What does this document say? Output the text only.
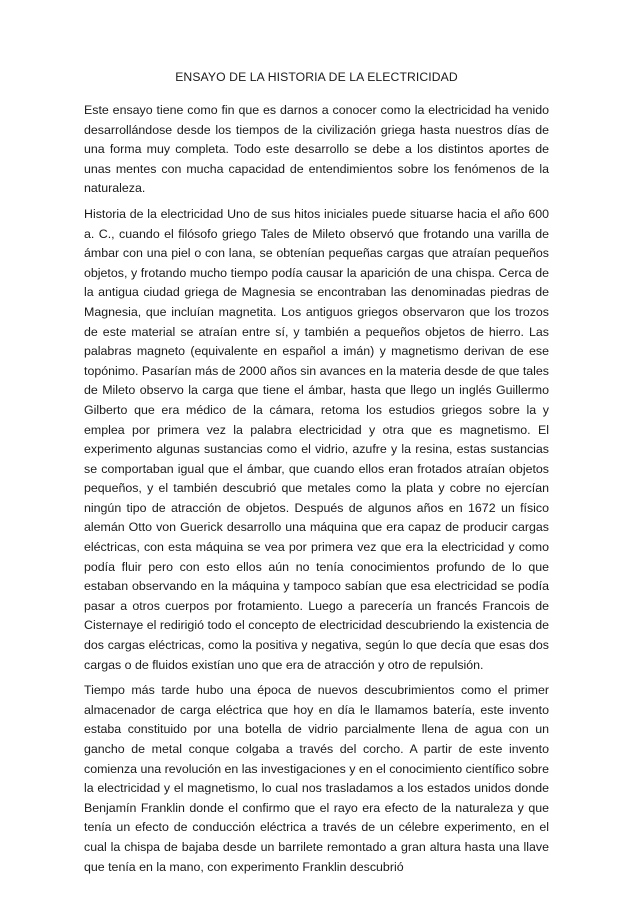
ENSAYO DE LA HISTORIA DE LA ELECTRICIDAD

Este ensayo tiene como fin que es darnos a conocer como la electricidad ha venido desarrollándose desde los tiempos de la civilización griega hasta nuestros días de una forma muy completa. Todo este desarrollo se debe a los distintos aportes de unas mentes con mucha capacidad de entendimientos sobre los fenómenos de la naturaleza.

Historia de la electricidad Uno de sus hitos iniciales puede situarse hacia el año 600 a. C., cuando el filósofo griego Tales de Mileto observó que frotando una varilla de ámbar con una piel o con lana, se obtenían pequeñas cargas que atraían pequeños objetos, y frotando mucho tiempo podía causar la aparición de una chispa. Cerca de la antigua ciudad griega de Magnesia se encontraban las denominadas piedras de Magnesia, que incluían magnetita. Los antiguos griegos observaron que los trozos de este material se atraían entre sí, y también a pequeños objetos de hierro. Las palabras magneto (equivalente en español a imán) y magnetismo derivan de ese topónimo. Pasarían más de 2000 años sin avances en la materia desde de que tales de Mileto observo la carga que tiene el ámbar, hasta que llego un inglés Guillermo Gilberto que era médico de la cámara, retoma los estudios griegos sobre la y emplea por primera vez la palabra electricidad y otra que es magnetismo. El experimento algunas sustancias como el vidrio, azufre y la resina, estas sustancias se comportaban igual que el ámbar, que cuando ellos eran frotados atraían objetos pequeños, y el también descubrió que metales como la plata y cobre no ejercían ningún tipo de atracción de objetos. Después de algunos años en 1672 un físico alemán Otto von Guerick desarrollo una máquina que era capaz de producir cargas eléctricas, con esta máquina se vea por primera vez que era la electricidad y como podía fluir pero con esto ellos aún no tenía conocimientos profundo de lo que estaban observando en la máquina y tampoco sabían que esa electricidad se podía pasar a otros cuerpos por frotamiento. Luego a parecería un francés Francois de Cisternaye el redirigió todo el concepto de electricidad descubriendo la existencia de dos cargas eléctricas, como la positiva y negativa, según lo que decía que esas dos cargas o de fluidos existían uno que era de atracción y otro de repulsión.

Tiempo más tarde hubo una época de nuevos descubrimientos como el primer almacenador de carga eléctrica que hoy en día le llamamos batería, este invento estaba constituido por una botella de vidrio parcialmente llena de agua con un gancho de metal conque colgaba a través del corcho. A partir de este invento comienza una revolución en las investigaciones y en el conocimiento científico sobre la electricidad y el magnetismo, lo cual nos trasladamos a los estados unidos donde Benjamín Franklin donde el confirmo que el rayo era efecto de la naturaleza y que tenía un efecto de conducción eléctrica a través de un célebre experimento, en el cual la chispa de bajaba desde un barrilete remontado a gran altura hasta una llave que tenía en la mano, con experimento Franklin descubrió
